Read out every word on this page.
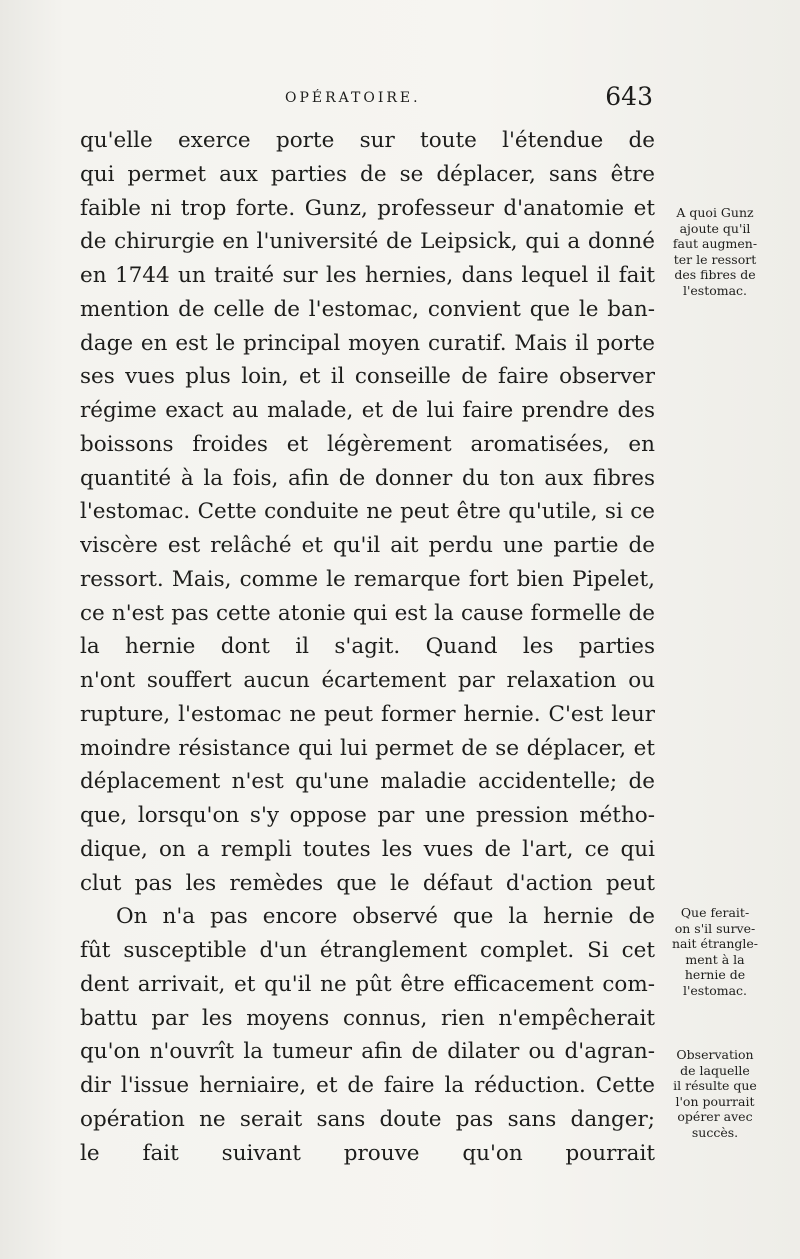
OPÉRATOIRE.	643
qu'elle exerce porte sur toute l'étendue de
qui permet aux parties de se déplacer, sans être
faible ni trop forte. Gunz, professeur d'anatomie et
de chirurgie en l'université de Leipsick, qui a donné
en 1744 un traité sur les hernies, dans lequel il fait
mention de celle de l'estomac, convient que le ban-
dage en est le principal moyen curatif. Mais il porte
ses vues plus loin, et il conseille de faire observer
régime exact au malade, et de lui faire prendre des
boissons froides et légèrement aromatisées, en
quantité à la fois, afin de donner du ton aux fibres
l'estomac. Cette conduite ne peut être qu'utile, si ce
viscère est relâché et qu'il ait perdu une partie de
ressort. Mais, comme le remarque fort bien Pipelet,
ce n'est pas cette atonie qui est la cause formelle de
la hernie dont il s'agit. Quand les parties
n'ont souffert aucun écartement par relaxation ou
rupture, l'estomac ne peut former hernie. C'est leur
moindre résistance qui lui permet de se déplacer, et
déplacement n'est qu'une maladie accidentelle; de
que, lorsqu'on s'y oppose par une pression métho-
dique, on a rempli toutes les vues de l'art, ce qui
clut pas les remèdes que le défaut d'action peut
On n'a pas encore observé que la hernie de
fût susceptible d'un étranglement complet. Si cet
dent arrivait, et qu'il ne pût être efficacement com-
battu par les moyens connus, rien n'empêcherait
qu'on n'ouvrît la tumeur afin de dilater ou d'agran-
dir l'issue herniaire, et de faire la réduction. Cette
opération ne serait sans doute pas sans danger;
le fait suivant prouve qu'on pourrait
A quoi Gunz
ajoute qu'il
faut augmen-
ter le ressort
des fibres de
l'estomac.
Que ferait-
on s'il surve-
nait étrangle-
ment à la
hernie de
l'estomac.
Observation
de laquelle
il résulte que
l'on pourrait
opérer avec
succès.
